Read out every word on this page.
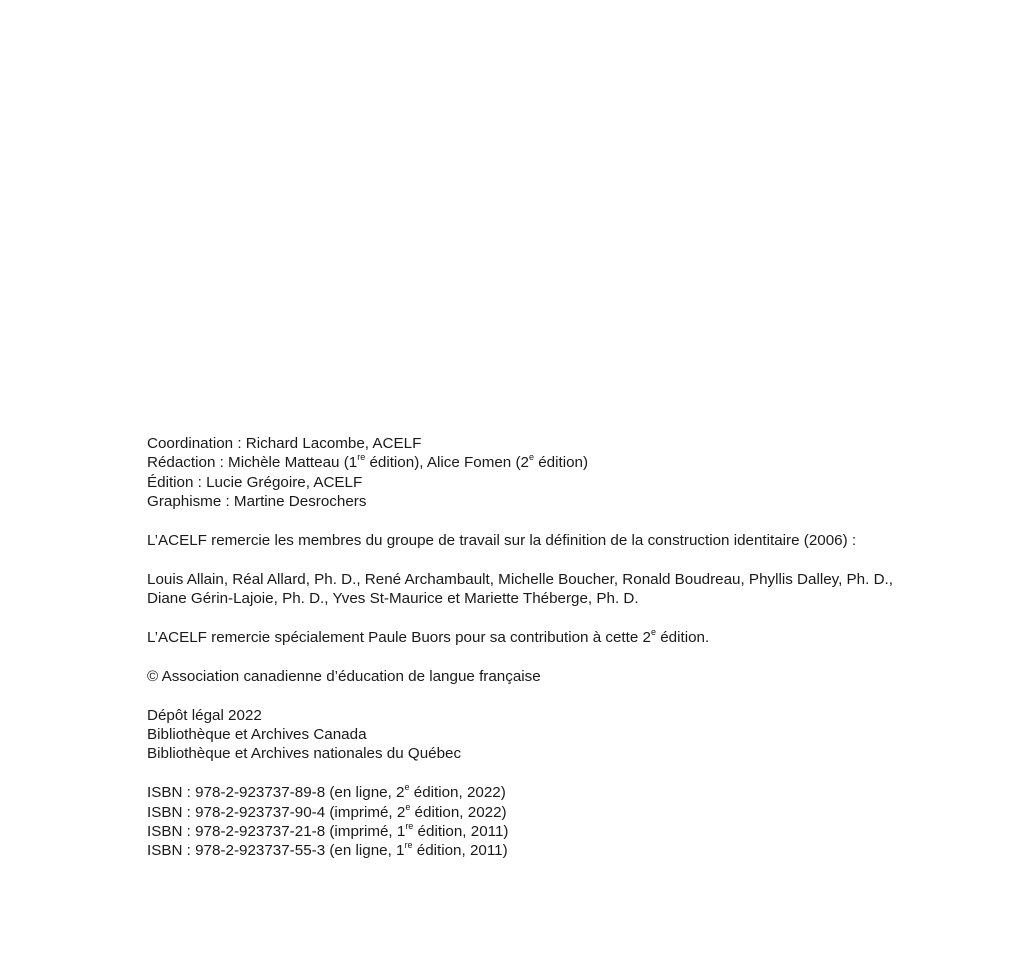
Coordination : Richard Lacombe, ACELF
Rédaction : Michèle Matteau (1re édition), Alice Fomen (2e édition)
Édition : Lucie Grégoire, ACELF
Graphisme : Martine Desrochers
L’ACELF remercie les membres du groupe de travail sur la définition de la construction identitaire (2006) :
Louis Allain, Réal Allard, Ph. D., René Archambault, Michelle Boucher, Ronald Boudreau, Phyllis Dalley, Ph. D.,
Diane Gérin-Lajoie, Ph. D., Yves St-Maurice et Mariette Théberge, Ph. D.
L’ACELF remercie spécialement Paule Buors pour sa contribution à cette 2e édition.
© Association canadienne d’éducation de langue française
Dépôt légal 2022
Bibliothèque et Archives Canada
Bibliothèque et Archives nationales du Québec
ISBN : 978-2-923737-89-8 (en ligne, 2e édition, 2022)
ISBN : 978-2-923737-90-4 (imprimé, 2e édition, 2022)
ISBN : 978-2-923737-21-8 (imprimé, 1re édition, 2011)
ISBN : 978-2-923737-55-3 (en ligne, 1re édition, 2011)
